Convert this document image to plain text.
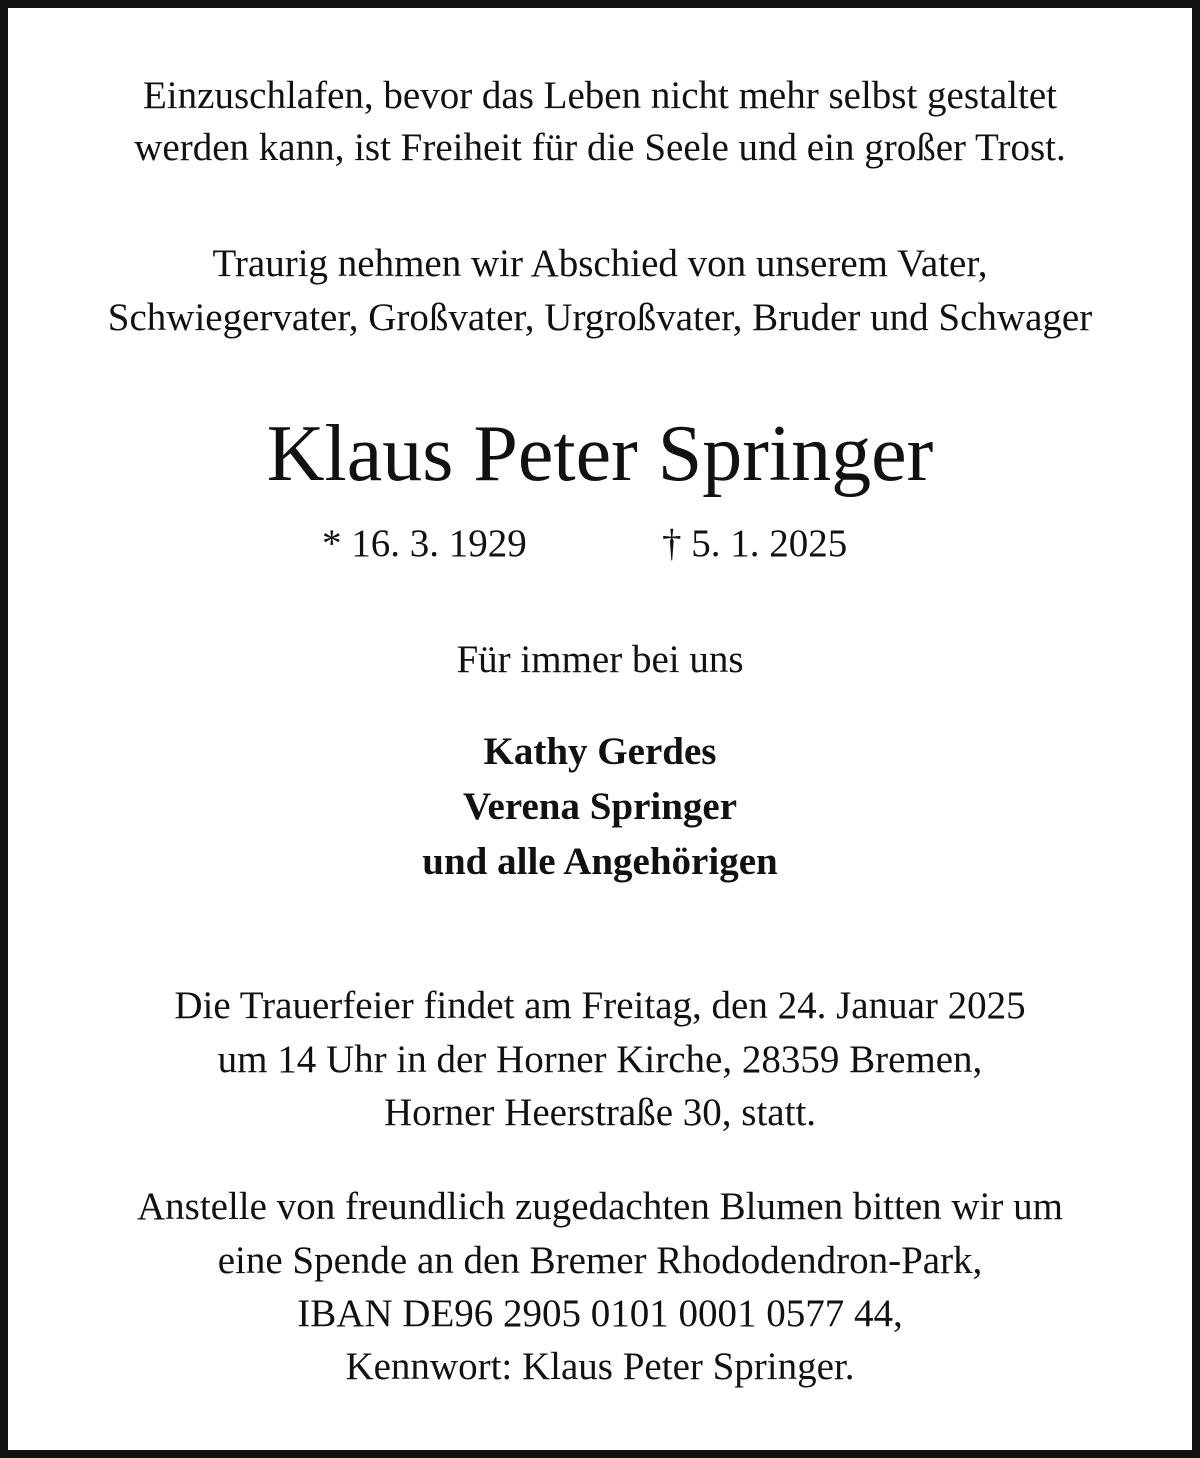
Einzuschlafen, bevor das Leben nicht mehr selbst gestaltet
werden kann, ist Freiheit für die Seele und ein großer Trost.
Traurig nehmen wir Abschied von unserem Vater,
Schwiegervater, Großvater, Urgroßvater, Bruder und Schwager
Klaus Peter Springer
* 16. 3. 1929	† 5. 1. 2025
Für immer bei uns
Kathy Gerdes
Verena Springer
und alle Angehörigen
Die Trauerfeier findet am Freitag, den 24. Januar 2025
um 14 Uhr in der Horner Kirche, 28359 Bremen,
Horner Heerstraße 30, statt.
Anstelle von freundlich zugedachten Blumen bitten wir um
eine Spende an den Bremer Rhododendron-Park,
IBAN DE96 2905 0101 0001 0577 44,
Kennwort: Klaus Peter Springer.
